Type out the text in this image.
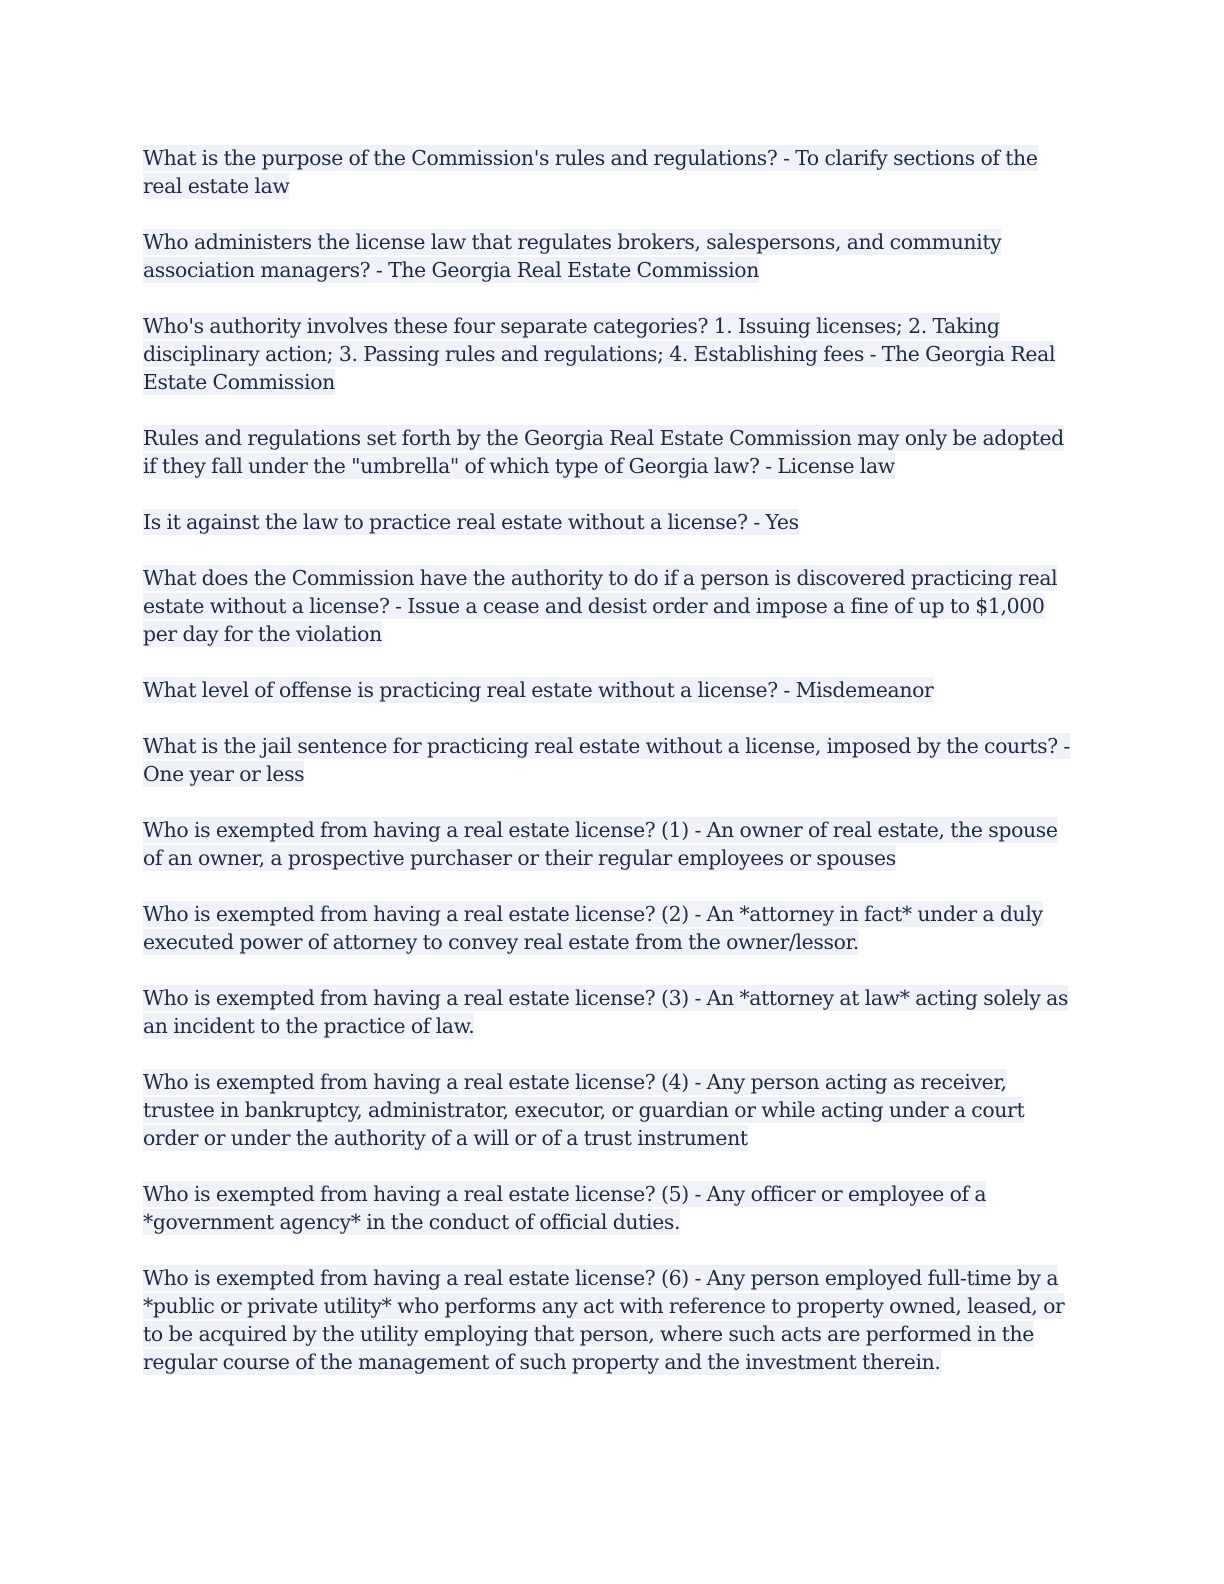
What is the purpose of the Commission's rules and regulations? - To clarify sections of the real estate law

Who administers the license law that regulates brokers, salespersons, and community association managers? - The Georgia Real Estate Commission

Who's authority involves these four separate categories? 1. Issuing licenses; 2. Taking disciplinary action; 3. Passing rules and regulations; 4. Establishing fees - The Georgia Real Estate Commission

Rules and regulations set forth by the Georgia Real Estate Commission may only be adopted if they fall under the "umbrella" of which type of Georgia law? - License law

Is it against the law to practice real estate without a license? - Yes

What does the Commission have the authority to do if a person is discovered practicing real estate without a license? - Issue a cease and desist order and impose a fine of up to $1,000 per day for the violation

What level of offense is practicing real estate without a license? - Misdemeanor

What is the jail sentence for practicing real estate without a license, imposed by the courts? - One year or less

Who is exempted from having a real estate license? (1) - An owner of real estate, the spouse of an owner, a prospective purchaser or their regular employees or spouses

Who is exempted from having a real estate license? (2) - An *attorney in fact* under a duly executed power of attorney to convey real estate from the owner/lessor.

Who is exempted from having a real estate license? (3) - An *attorney at law* acting solely as an incident to the practice of law.

Who is exempted from having a real estate license? (4) - Any person acting as receiver, trustee in bankruptcy, administrator, executor, or guardian or while acting under a court order or under the authority of a will or of a trust instrument

Who is exempted from having a real estate license? (5) - Any officer or employee of a *government agency* in the conduct of official duties.

Who is exempted from having a real estate license? (6) - Any person employed full-time by a *public or private utility* who performs any act with reference to property owned, leased, or to be acquired by the utility employing that person, where such acts are performed in the regular course of the management of such property and the investment therein.
